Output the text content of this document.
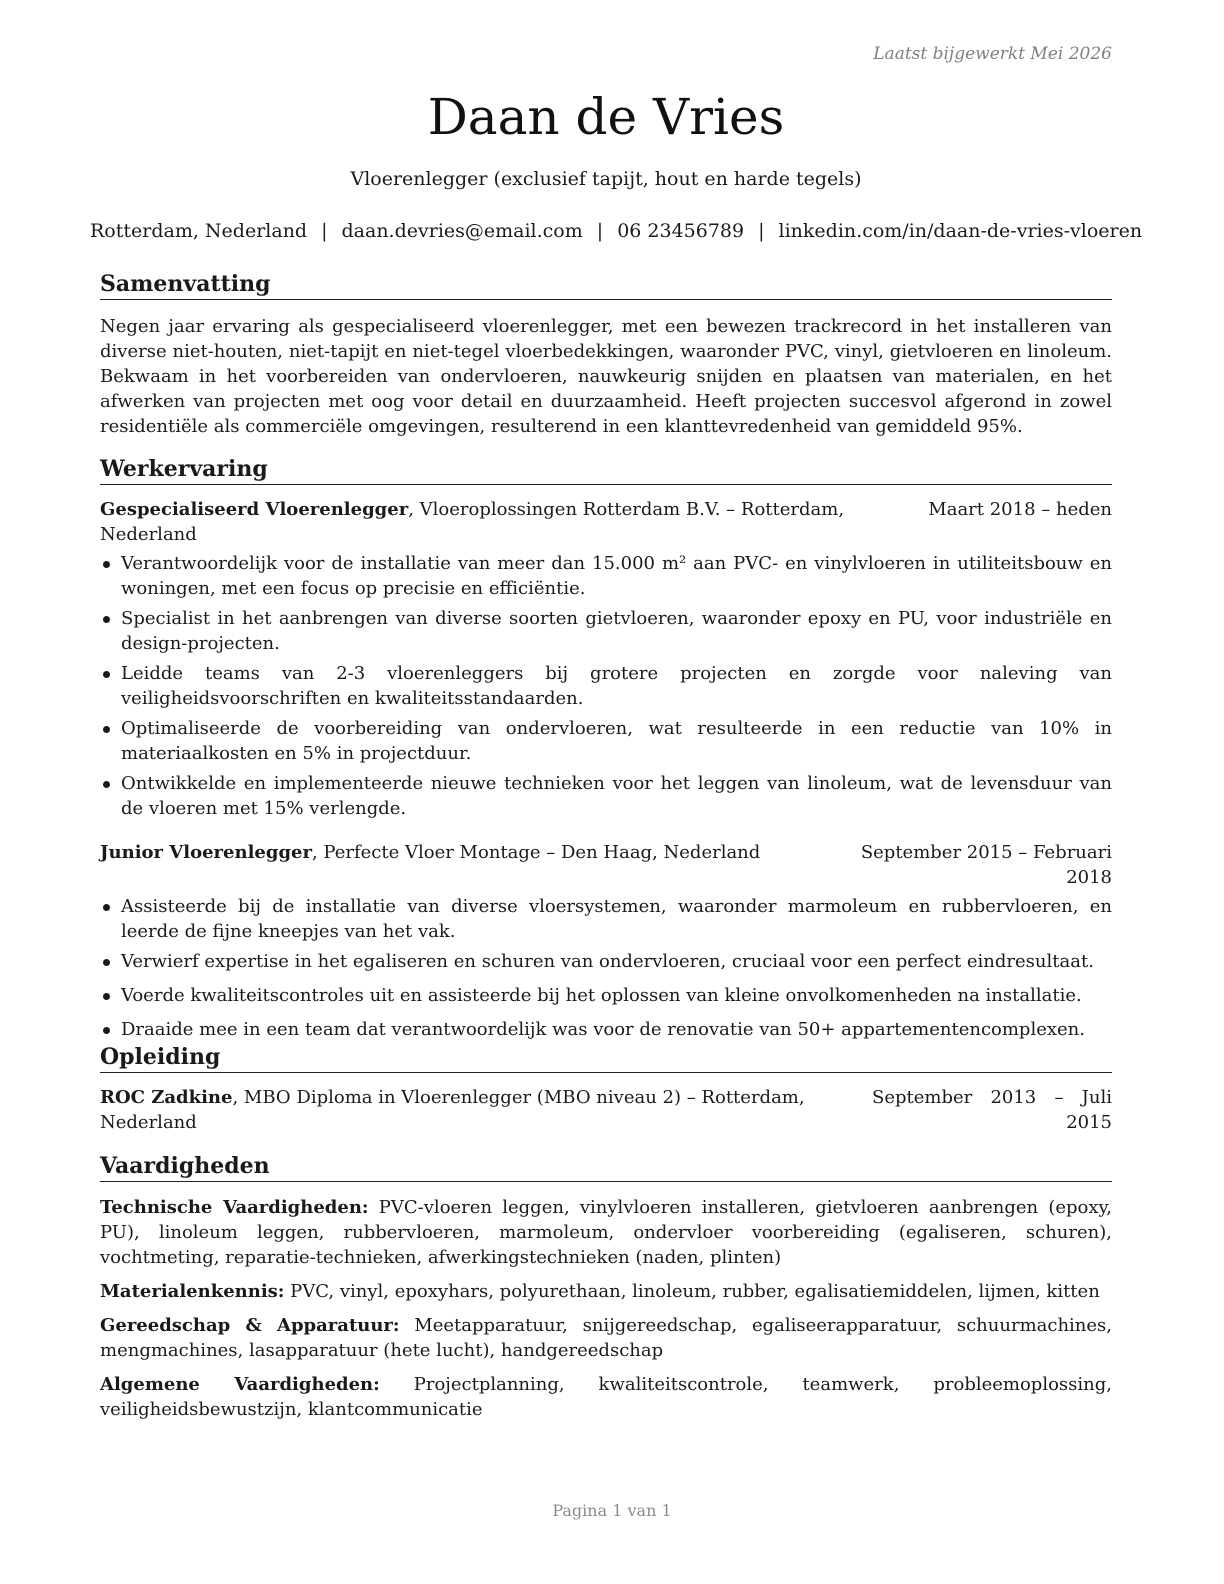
Laatst bijgewerkt Mei 2026
Daan de Vries
Vloerenlegger (exclusief tapijt, hout en harde tegels)
Rotterdam, Nederland | daan.devries@email.com | 06 23456789 | linkedin.com/in/daan-de-vries-vloeren
Samenvatting

Negen jaar ervaring als gespecialiseerd vloerenlegger, met een bewezen trackrecord in het installeren van diverse niet-houten, niet-tapijt en niet-tegel vloerbedekkingen, waaronder PVC, vinyl, gietvloeren en linoleum. Bekwaam in het voorbereiden van ondervloeren, nauwkeurig snijden en plaatsen van materialen, en het afwerken van projecten met oog voor detail en duurzaamheid. Heeft projecten succesvol afgerond in zowel residentiële als commerciële omgevingen, resulterend in een klanttevredenheid van gemiddeld 95%.

Werkervaring
Gespecialiseerd Vloerenlegger, Vloeroplossingen Rotterdam B.V. – Rotterdam, Nederland
Maart 2018 – heden
Verantwoordelijk voor de installatie van meer dan 15.000 m² aan PVC- en vinylvloeren in utiliteitsbouw en woningen, met een focus op precisie en efficiëntie.
Specialist in het aanbrengen van diverse soorten gietvloeren, waaronder epoxy en PU, voor industriële en design-projecten.
Leidde teams van 2-3 vloerenleggers bij grotere projecten en zorgde voor naleving van veiligheidsvoorschriften en kwaliteitsstandaarden.
Optimaliseerde de voorbereiding van ondervloeren, wat resulteerde in een reductie van 10% in materiaalkosten en 5% in projectduur.
Ontwikkelde en implementeerde nieuwe technieken voor het leggen van linoleum, wat de levensduur van de vloeren met 15% verlengde.
Junior Vloerenlegger, Perfecte Vloer Montage – Den Haag, Nederland	September 2015 – Februari
2018
Assisteerde bij de installatie van diverse vloersystemen, waaronder marmoleum en rubbervloeren, en leerde de fijne kneepjes van het vak.
Verwierf expertise in het egaliseren en schuren van ondervloeren, cruciaal voor een perfect eindresultaat.
Voerde kwaliteitscontroles uit en assisteerde bij het oplossen van kleine onvolkomenheden na installatie.
Draaide mee in een team dat verantwoordelijk was voor de renovatie van 50+ appartementencomplexen.
Opleiding
ROC Zadkine, MBO Diploma in Vloerenlegger (MBO niveau 2) – Rotterdam, Nederland
September 2013 – Juli
2015
Vaardigheden

Technische Vaardigheden: PVC-vloeren leggen, vinylvloeren installeren, gietvloeren aanbrengen (epoxy, PU), linoleum leggen, rubbervloeren, marmoleum, ondervloer voorbereiding (egaliseren, schuren), vochtmeting, reparatie-technieken, afwerkingstechnieken (naden, plinten)

Materialenkennis: PVC, vinyl, epoxyhars, polyurethaan, linoleum, rubber, egalisatiemiddelen, lijmen, kitten

Gereedschap & Apparatuur: Meetapparatuur, snijgereedschap, egaliseerapparatuur, schuurmachines, mengmachines, lasapparatuur (hete lucht), handgereedschap

Algemene Vaardigheden: Projectplanning, kwaliteitscontrole, teamwerk, probleemoplossing, veiligheidsbewustzijn, klantcommunicatie

Pagina 1 van 1
